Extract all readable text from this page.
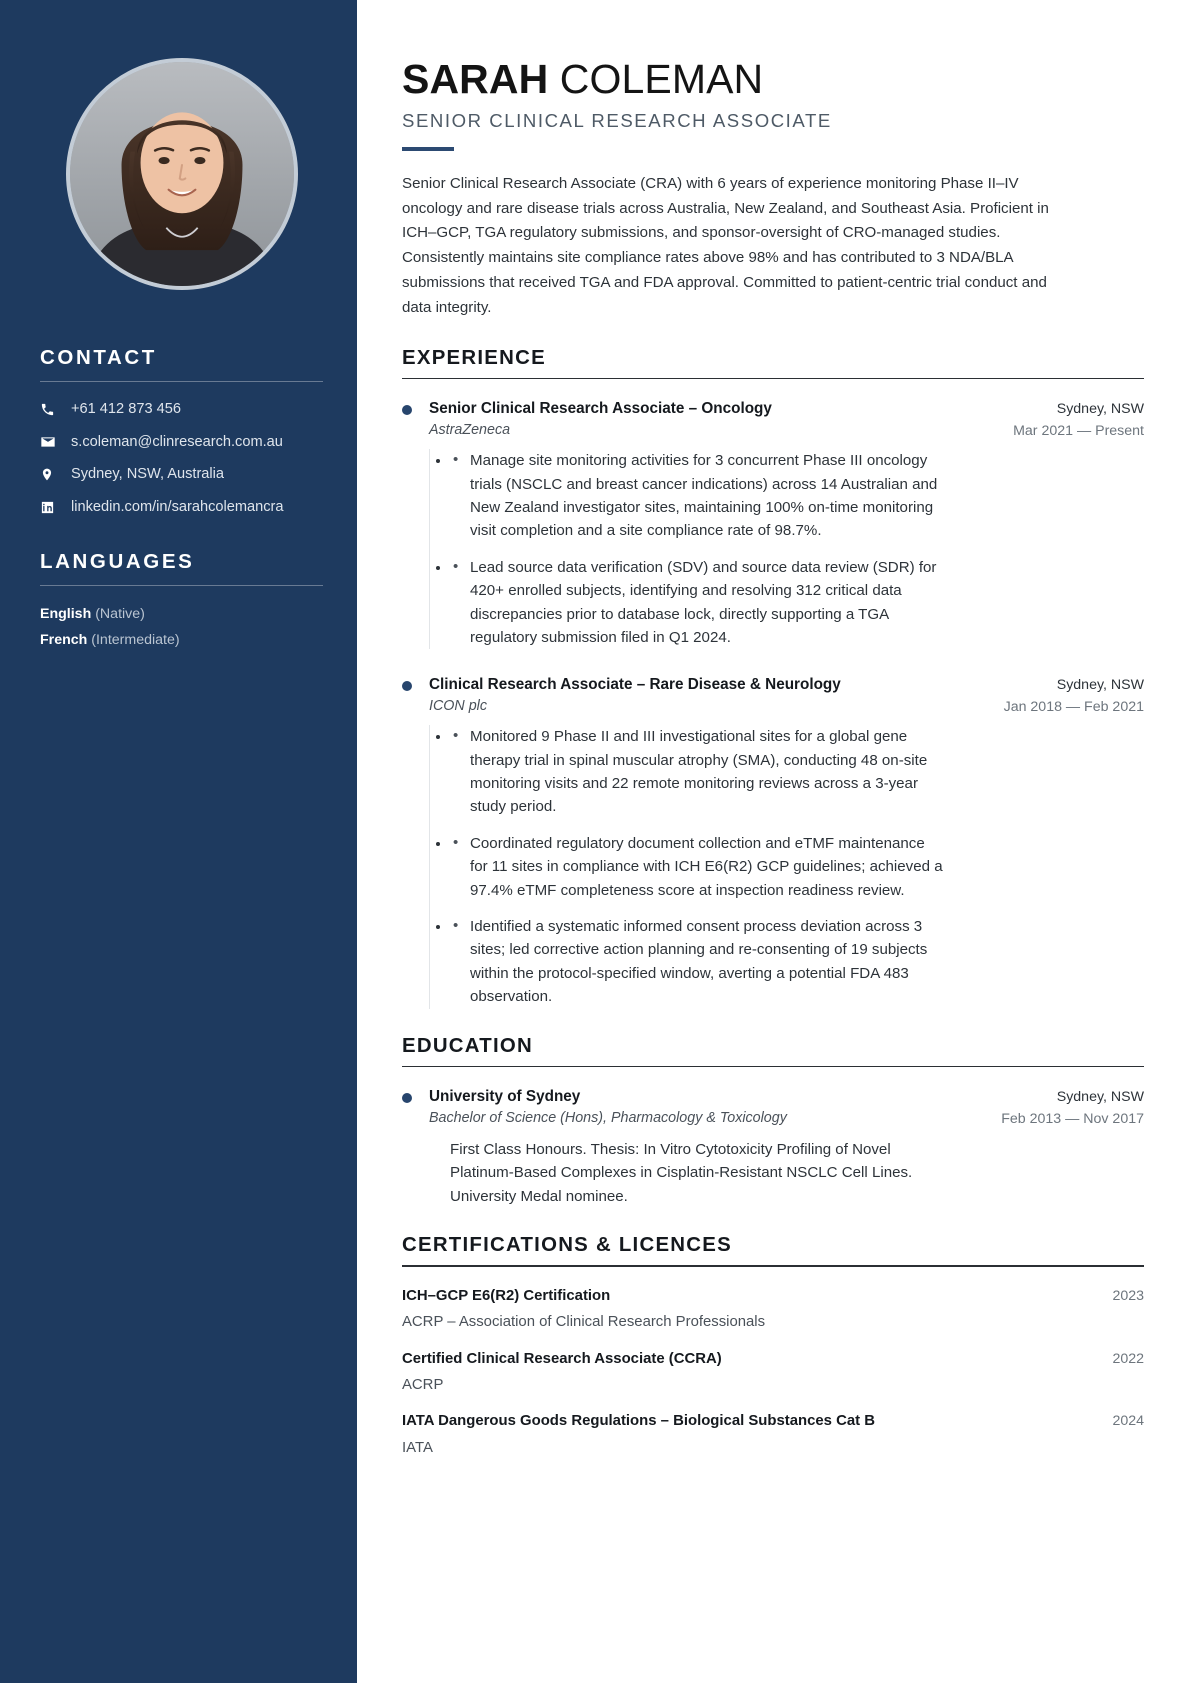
CONTACT
+61 412 873 456
s.coleman@clinresearch.com.au
Sydney, NSW, Australia
linkedin.com/in/sarahcolemancra
LANGUAGES
English (Native)
French (Intermediate)
SARAH COLEMAN
SENIOR CLINICAL RESEARCH ASSOCIATE

Senior Clinical Research Associate (CRA) with 6 years of experience monitoring Phase II–IV oncology and rare disease trials across Australia, New Zealand, and Southeast Asia. Proficient in ICH–GCP, TGA regulatory submissions, and sponsor-oversight of CRO-managed studies. Consistently maintains site compliance rates above 98% and has contributed to 3 NDA/BLA submissions that received TGA and FDA approval. Committed to patient-centric trial conduct and data integrity.

EXPERIENCE
Senior Clinical Research Associate – Oncology
AstraZeneca
Sydney, NSW
Mar 2021 — Present
• • Manage site monitoring activities for 3 concurrent Phase III oncology trials (NSCLC and breast cancer indications) across 14 Australian and New Zealand investigator sites, maintaining 100% on-time monitoring visit completion and a site compliance rate of 98.7%.
• • Lead source data verification (SDV) and source data review (SDR) for 420+ enrolled subjects, identifying and resolving 312 critical data discrepancies prior to database lock, directly supporting a TGA regulatory submission filed in Q1 2024.
Clinical Research Associate – Rare Disease & Neurology
ICON plc
Sydney, NSW
Jan 2018 — Feb 2021
• • Monitored 9 Phase II and III investigational sites for a global gene therapy trial in spinal muscular atrophy (SMA), conducting 48 on-site monitoring visits and 22 remote monitoring reviews across a 3-year study period.
• • Coordinated regulatory document collection and eTMF maintenance for 11 sites in compliance with ICH E6(R2) GCP guidelines; achieved a 97.4% eTMF completeness score at inspection readiness review.
• • Identified a systematic informed consent process deviation across 3 sites; led corrective action planning and re-consenting of 19 subjects within the protocol-specified window, averting a potential FDA 483 observation.
EDUCATION
University of Sydney
Bachelor of Science (Hons), Pharmacology & Toxicology
Sydney, NSW
Feb 2013 — Nov 2017
First Class Honours. Thesis: In Vitro Cytotoxicity Profiling of Novel Platinum-Based Complexes in Cisplatin-Resistant NSCLC Cell Lines. University Medal nominee.
CERTIFICATIONS & LICENCES
ICH–GCP E6(R2) Certification	2023
ACRP – Association of Clinical Research Professionals
Certified Clinical Research Associate (CCRA)	2022
ACRP
IATA Dangerous Goods Regulations – Biological Substances Cat B	2024
IATA
